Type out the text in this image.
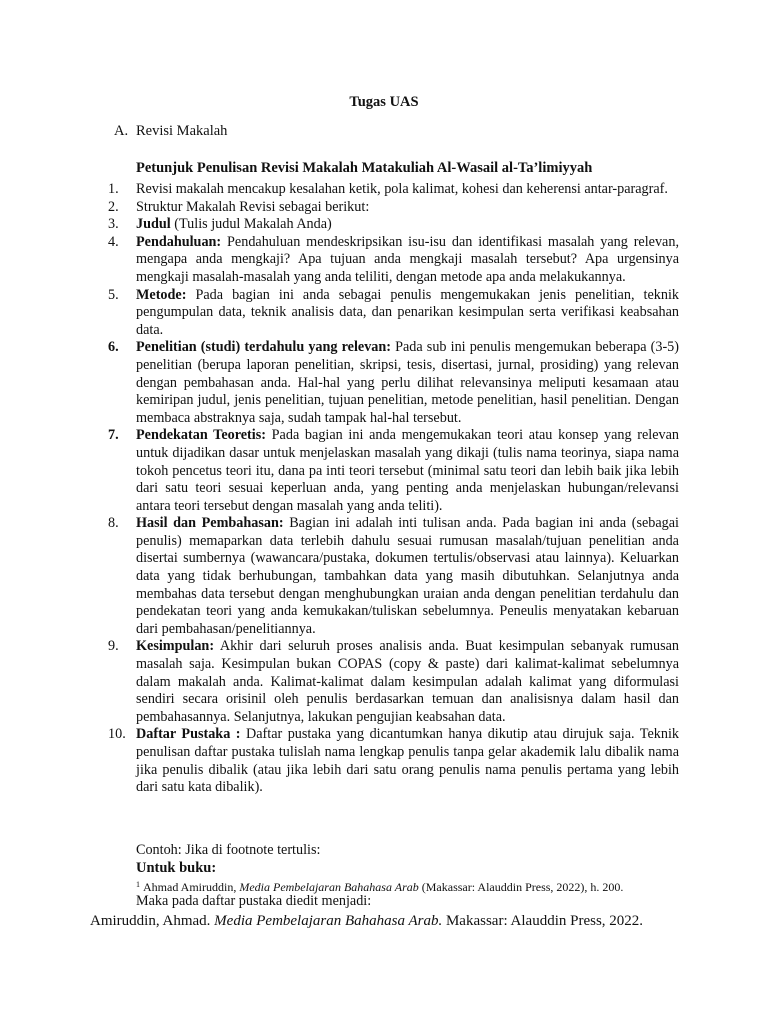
Tugas UAS
A. Revisi Makalah
Petunjuk Penulisan Revisi Makalah Matakuliah Al-Wasail al-Ta’limiyyah
1.	Revisi makalah mencakup kesalahan ketik, pola kalimat, kohesi dan keherensi antar-paragraf.
2.	Struktur Makalah Revisi sebagai berikut:
3.	Judul (Tulis judul Makalah Anda)
4.	Pendahuluan: Pendahuluan mendeskripsikan isu-isu dan identifikasi masalah yang relevan, mengapa anda mengkaji? Apa tujuan anda mengkaji masalah tersebut? Apa urgensinya mengkaji masalah-masalah yang anda teliliti, dengan metode apa anda melakukannya.
5.	Metode: Pada bagian ini anda sebagai penulis mengemukakan jenis penelitian, teknik pengumpulan data, teknik analisis data, dan penarikan kesimpulan serta verifikasi keabsahan data.
6.	Penelitian (studi) terdahulu yang relevan: Pada sub ini penulis mengemukan beberapa (3-5) penelitian (berupa laporan penelitian, skripsi, tesis, disertasi, jurnal, prosiding) yang relevan dengan pembahasan anda. Hal-hal yang perlu dilihat relevansinya meliputi kesamaan atau kemiripan judul, jenis penelitian, tujuan penelitian, metode penelitian, hasil penelitian. Dengan membaca abstraknya saja, sudah tampak hal-hal tersebut.
7.	Pendekatan Teoretis: Pada bagian ini anda mengemukakan teori atau konsep yang relevan untuk dijadikan dasar untuk menjelaskan masalah yang dikaji (tulis nama teorinya, siapa nama tokoh pencetus teori itu, dana pa inti teori tersebut (minimal satu teori dan lebih baik jika lebih dari satu teori sesuai keperluan anda, yang penting anda menjelaskan hubungan/relevansi antara teori tersebut dengan masalah yang anda teliti).
8.	Hasil dan Pembahasan: Bagian ini adalah inti tulisan anda. Pada bagian ini anda (sebagai penulis) memaparkan data terlebih dahulu sesuai rumusan masalah/tujuan penelitian anda disertai sumbernya (wawancara/pustaka, dokumen tertulis/observasi atau lainnya). Keluarkan data yang tidak berhubungan, tambahkan data yang masih dibutuhkan. Selanjutnya anda membahas data tersebut dengan menghubungkan uraian anda dengan penelitian terdahulu dan pendekatan teori yang anda kemukakan/tuliskan sebelumnya. Peneulis menyatakan kebaruan dari pembahasan/penelitiannya.
9.	Kesimpulan: Akhir dari seluruh proses analisis anda. Buat kesimpulan sebanyak rumusan masalah saja. Kesimpulan bukan COPAS (copy & paste) dari kalimat-kalimat sebelumnya dalam makalah anda. Kalimat-kalimat dalam kesimpulan adalah kalimat yang diformulasi sendiri secara orisinil oleh penulis berdasarkan temuan dan analisisnya dalam hasil dan pembahasannya. Selanjutnya, lakukan pengujian keabsahan data.
10. Daftar Pustaka : Daftar pustaka yang dicantumkan hanya dikutip atau dirujuk saja. Teknik penulisan daftar pustaka tulislah nama lengkap penulis tanpa gelar akademik lalu dibalik nama jika penulis dibalik (atau jika lebih dari satu orang penulis nama penulis pertama yang lebih dari satu kata dibalik).
Contoh: Jika di footnote tertulis:
Untuk buku:
$^1$ Ahmad Amiruddin, Media Pembelajaran Bahahasa Arab (Makassar: Alauddin Press, 2022), h. 200.
Maka pada daftar pustaka diedit menjadi:
Amiruddin, Ahmad. Media Pembelajaran Bahahasa Arab. Makassar: Alauddin Press, 2022.
